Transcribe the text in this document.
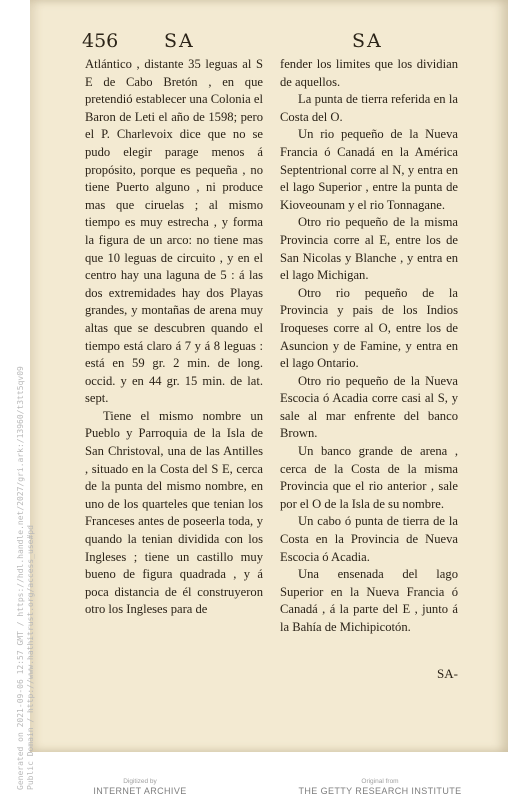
456 SA	SA

Atlántico , distante 35 leguas al S E de Cabo Bretón , en que pretendió establecer una Colonia el Baron de Leti el año de 1598; pero el P. Charlevoix dice que no se pudo elegir parage menos á propósito, porque es pequeña , no tiene Puerto alguno , ni produce mas que ciruelas ; al mismo tiempo es muy estrecha , y forma la figura de un arco: no tiene mas que 10 leguas de circuito , y en el centro hay una laguna de 5 : á las dos extremidades hay dos Playas grandes, y montañas de arena muy altas que se descubren quando el tiempo está claro á 7 y á 8 leguas : está en 59 gr. 2 min. de long. occid. y en 44 gr. 15 min. de lat. sept.

Tiene el mismo nombre un Pueblo y Parroquia de la Isla de San Christoval, una de las Antilles , situado en la Costa del S E, cerca de la punta del mismo nombre, en uno de los quarteles que tenian los Franceses antes de poseerla toda, y quando la tenian dividida con los Ingleses ; tiene un castillo muy bueno de figura quadrada , y á poca distancia de él construyeron otro los Ingleses para de

fender los limites que los dividian de aquellos.

La punta de tierra referida en la Costa del O.

Un rio pequeño de la Nueva Francia ó Canadá en la América Septentrional corre al N, y entra en el lago Superior , entre la punta de Kioveounam y el rio Tonnagane.

Otro rio pequeño de la misma Provincia corre al E, entre los de San Nicolas y Blanche , y entra en el lago Michigan.

Otro rio pequeño de la Provincia y pais de los Indios Iroqueses corre al O, entre los de Asuncion y de Famine, y entra en el lago Ontario.

Otro rio pequeño de la Nueva Escocia ó Acadia corre casi al S, y sale al mar enfrente del banco Brown.

Un banco grande de arena , cerca de la Costa de la misma Provincia que el rio anterior , sale por el O de la Isla de su nombre.

Un cabo ó punta de tierra de la Costa en la Provincia de Nueva Escocia ó Acadia.

Una ensenada del lago Superior en la Nueva Francia ó Canadá , á la parte del E , junto á la Bahía de Michipicotón.

SA-
Generated on 2021-09-06 12:57 GMT / https://hdl.handle.net/2027/gri.ark:/13960/t3tt5qv09 Public Domain / http://www.hathitrust.org/access_use#pd	Digitized by
INTERNET ARCHIVE
Original from
THE GETTY RESEARCH INSTITUTE
